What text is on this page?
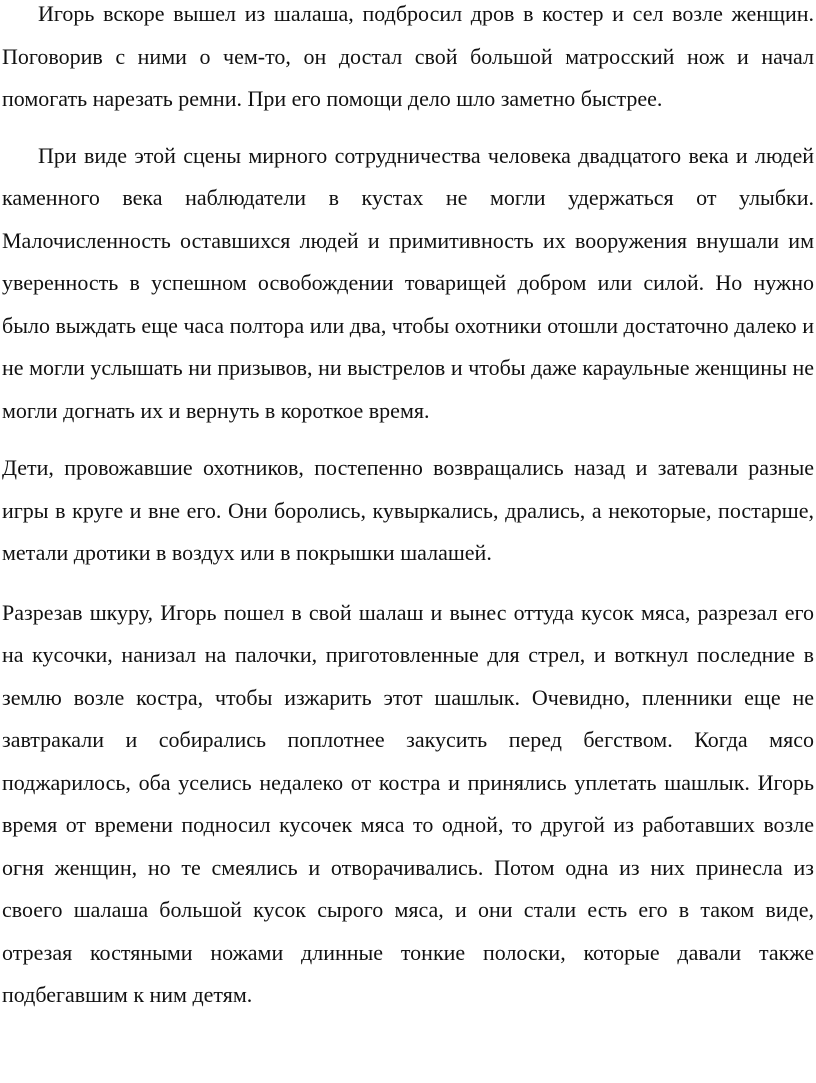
Игорь вскоре вышел из шалаша, подбросил дров в костер и сел возле женщин. Поговорив с ними о чем-то, он достал свой большой матросский нож и начал помогать нарезать ремни. При его помощи дело шло заметно быстрее.

При виде этой сцены мирного сотрудничества человека двадцатого века и людей каменного века наблюдатели в кустах не могли удержаться от улыбки. Малочисленность оставшихся людей и примитивность их вооружения внушали им уверенность в успешном освобождении товарищей добром или силой. Но нужно было выждать еще часа полтора или два, чтобы охотники отошли достаточно далеко и не могли услышать ни призывов, ни выстрелов и чтобы даже караульные женщины не могли догнать их и вернуть в короткое время.

Дети, провожавшие охотников, постепенно возвращались назад и затевали разные игры в круге и вне его. Они боролись, кувыркались, дрались, а некоторые, постарше, метали дротики в воздух или в покрышки шалашей.

Разрезав шкуру, Игорь пошел в свой шалаш и вынес оттуда кусок мяса, разрезал его на кусочки, нанизал на палочки, приготовленные для стрел, и воткнул последние в землю возле костра, чтобы изжарить этот шашлык. Очевидно, пленники еще не завтракали и собирались поплотнее закусить перед бегством. Когда мясо поджарилось, оба уселись недалеко от костра и принялись уплетать шашлык. Игорь время от времени подносил кусочек мяса то одной, то другой из работавших возле огня женщин, но те смеялись и отворачивались. Потом одна из них принесла из своего шалаша большой кусок сырого мяса, и они стали есть его в таком виде, отрезая костяными ножами длинные тонкие полоски, которые давали также подбегавшим к ним детям.
